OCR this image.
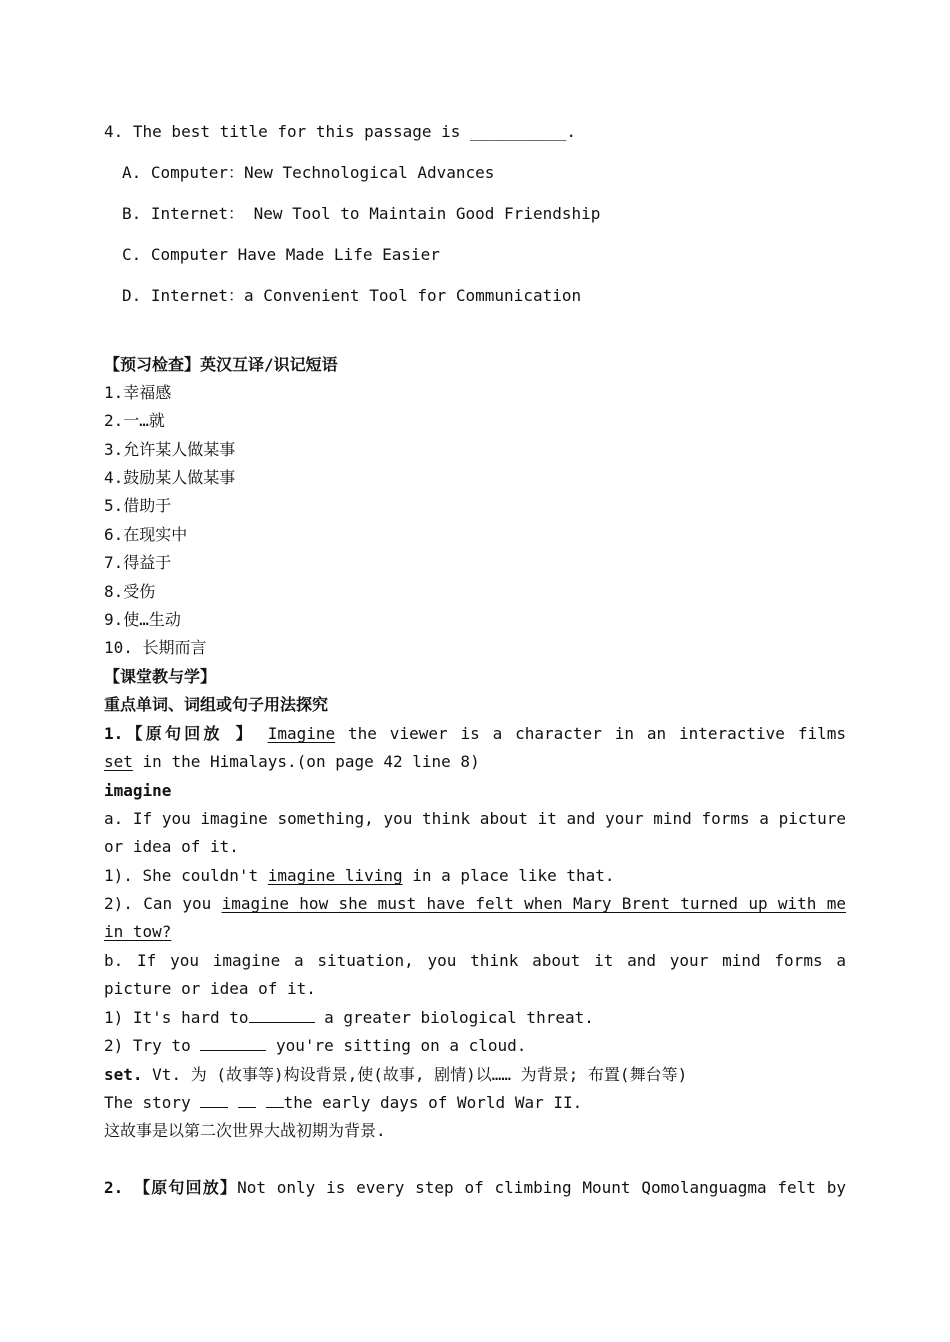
4. The best title for this passage is __________.
A. Computer：New Technological Advances
B. Internet： New Tool to Maintain Good Friendship
C. Computer Have Made Life Easier
D. Internet：a Convenient Tool for Communication
【预习检查】英汉互译/识记短语
1.幸福感
2.一…就
3.允许某人做某事
4.鼓励某人做某事
5.借助于
6.在现实中
7.得益于
8.受伤
9.使…生动
10. 长期而言
【课堂教与学】
重点单词、词组或句子用法探究
1.【原句回放 】 Imagine the viewer is a character in an interactive films
set in the Himalays.(on page 42 line 8)
imagine
a. If you imagine something, you think about it and your mind forms a picture
or idea of it.
1). She couldn't imagine living in a place like that.
2). Can you imagine how she must have felt when Mary Brent turned up with me
in tow?
b. If you imagine a situation, you think about it and your mind forms a
picture or idea of it.
1) It's hard to	a greater biological threat.
2) Try to	you're sitting on a cloud.
set. Vt. 为 (故事等)构设背景,使(故事, 剧情)以…… 为背景; 布置(舞台等)
The story	the early days of World War II.
这故事是以第二次世界大战初期为背景.
2. 【原句回放】Not only is every step of climbing Mount Qomolanguagma felt by
